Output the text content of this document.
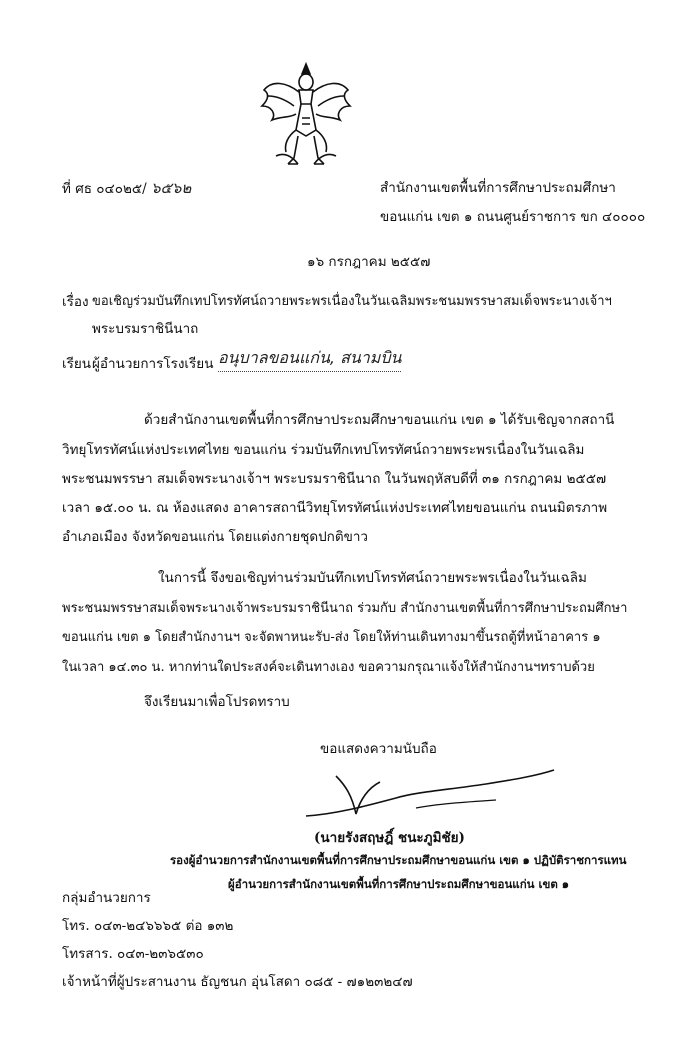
ที่ ศธ ๐๔๐๒๕/ ๖๕๖๒	สำนักงานเขตพื้นที่การศึกษาประถมศึกษา
ขอนแก่น เขต ๑ ถนนศูนย์ราชการ ขก ๔๐๐๐๐
๑๖ กรกฎาคม ๒๕๕๗
เรื่อง ขอเชิญร่วมบันทึกเทปโทรทัศน์ถวายพระพรเนื่องในวันเฉลิมพระชนมพรรษาสมเด็จพระนางเจ้าฯ
พระบรมราชินีนาถ
เรียน ผู้อำนวยการโรงเรียน อนุบาลขอนแก่น, สนามบิน
ด้วยสำนักงานเขตพื้นที่การศึกษาประถมศึกษาขอนแก่น เขต ๑ ได้รับเชิญจากสถานี
วิทยุโทรทัศน์แห่งประเทศไทย ขอนแก่น ร่วมบันทึกเทปโทรทัศน์ถวายพระพรเนื่องในวันเฉลิม
พระชนมพรรษา สมเด็จพระนางเจ้าฯ พระบรมราชินีนาถ ในวันพฤหัสบดีที่ ๓๑ กรกฎาคม ๒๕๕๗
เวลา ๑๕.๐๐ น. ณ ห้องแสดง อาคารสถานีวิทยุโทรทัศน์แห่งประเทศไทยขอนแก่น ถนนมิตรภาพ
อำเภอเมือง จังหวัดขอนแก่น โดยแต่งกายชุดปกติขาว
ในการนี้ จึงขอเชิญท่านร่วมบันทึกเทปโทรทัศน์ถวายพระพรเนื่องในวันเฉลิม
พระชนมพรรษาสมเด็จพระนางเจ้าพระบรมราชินีนาถ ร่วมกับ สำนักงานเขตพื้นที่การศึกษาประถมศึกษา
ขอนแก่น เขต ๑ โดยสำนักงานฯ จะจัดพาหนะรับ-ส่ง โดยให้ท่านเดินทางมาขึ้นรถตู้ที่หน้าอาคาร ๑
ในเวลา ๑๔.๓๐ น. หากท่านใดประสงค์จะเดินทางเอง ขอความกรุณาแจ้งให้สำนักงานฯทราบด้วย
จึงเรียนมาเพื่อโปรดทราบ
ขอแสดงความนับถือ
(นายรังสฤษฎิ์ ชนะภูมิชัย)
รองผู้อำนวยการสำนักงานเขตพื้นที่การศึกษาประถมศึกษาขอนแก่น เขต ๑ ปฏิบัติราชการแทน
ผู้อำนวยการสำนักงานเขตพื้นที่การศึกษาประถมศึกษาขอนแก่น เขต ๑
กลุ่มอำนวยการ
โทร. ๐๔๓-๒๔๖๖๖๕ ต่อ ๑๓๒
โทรสาร. ๐๔๓-๒๓๖๕๓๐
เจ้าหน้าที่ผู้ประสานงาน ธัญชนก อุ่นโสดา ๐๘๕ - ๗๑๒๓๒๔๗
